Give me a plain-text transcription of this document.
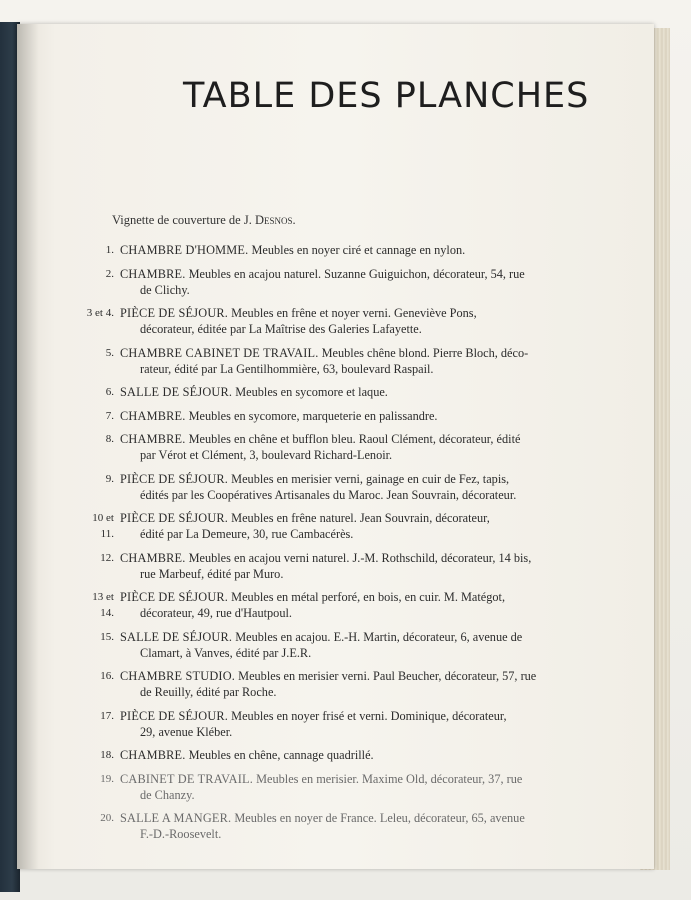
TABLE DES PLANCHES
Vignette de couverture de J. Desnos.
1. CHAMBRE D'HOMME. Meubles en noyer ciré et cannage en nylon.
2. CHAMBRE. Meubles en acajou naturel. Suzanne Guiguichon, décorateur, 54, rue
de Clichy.
3 et 4. PIÈCE DE SÉJOUR. Meubles en frêne et noyer verni. Geneviève Pons,
décorateur, éditée par La Maîtrise des Galeries Lafayette.
5. CHAMBRE CABINET DE TRAVAIL. Meubles chêne blond. Pierre Bloch, déco-
rateur, édité par La Gentilhommière, 63, boulevard Raspail.
6. SALLE DE SÉJOUR. Meubles en sycomore et laque.
7. CHAMBRE. Meubles en sycomore, marqueterie en palissandre.
8. CHAMBRE. Meubles en chêne et bufflon bleu. Raoul Clément, décorateur, édité
par Vérot et Clément, 3, boulevard Richard-Lenoir.
9. PIÈCE DE SÉJOUR. Meubles en merisier verni, gainage en cuir de Fez, tapis,
édités par les Coopératives Artisanales du Maroc. Jean Souvrain, décorateur.
10 et 11.
PIÈCE DE SÉJOUR. Meubles en frêne naturel. Jean Souvrain, décorateur,
édité par La Demeure, 30, rue Cambacérès.
12. CHAMBRE. Meubles en acajou verni naturel. J.-M. Rothschild, décorateur, 14 bis,
rue Marbeuf, édité par Muro.
13 et 14.
PIÈCE DE SÉJOUR. Meubles en métal perforé, en bois, en cuir. M. Matégot,
décorateur, 49, rue d'Hautpoul.
15. SALLE DE SÉJOUR. Meubles en acajou. E.-H. Martin, décorateur, 6, avenue de
Clamart, à Vanves, édité par J.E.R.
16. CHAMBRE STUDIO. Meubles en merisier verni. Paul Beucher, décorateur, 57, rue
de Reuilly, édité par Roche.
17. PIÈCE DE SÉJOUR. Meubles en noyer frisé et verni. Dominique, décorateur,
29, avenue Kléber.
18. CHAMBRE. Meubles en chêne, cannage quadrillé.
19. CABINET DE TRAVAIL. Meubles en merisier. Maxime Old, décorateur, 37, rue
de Chanzy.
20. SALLE A MANGER. Meubles en noyer de France. Leleu, décorateur, 65, avenue
F.-D.-Roosevelt.
